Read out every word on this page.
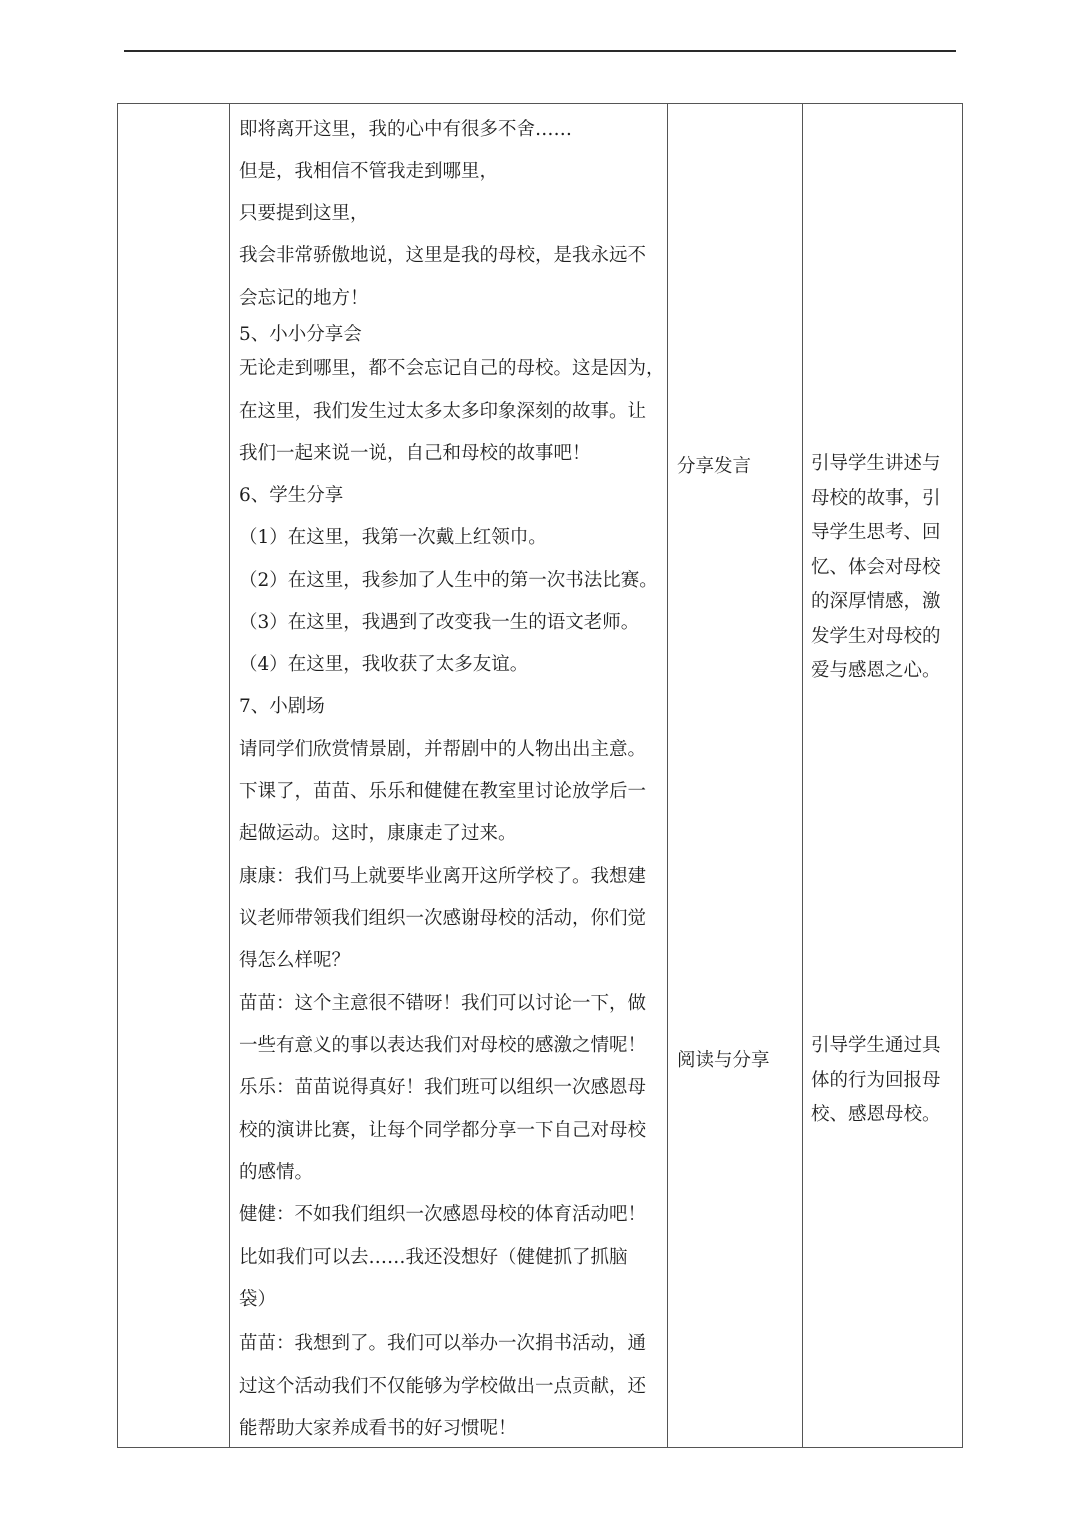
即将离开这里，我的心中有很多不舍……
但是，我相信不管我走到哪里，
只要提到这里，
我会非常骄傲地说，这里是我的母校，是我永远不
会忘记的地方！
5、小小分享会
无论走到哪里，都不会忘记自己的母校。这是因为，
在这里，我们发生过太多太多印象深刻的故事。让
我们一起来说一说，自己和母校的故事吧！
6、学生分享
（1）在这里，我第一次戴上红领巾。
（2）在这里，我参加了人生中的第一次书法比赛。
（3）在这里，我遇到了改变我一生的语文老师。
（4）在这里，我收获了太多友谊。
7、小剧场
请同学们欣赏情景剧，并帮剧中的人物出出主意。
下课了，苗苗、乐乐和健健在教室里讨论放学后一
起做运动。这时，康康走了过来。
康康：我们马上就要毕业离开这所学校了。我想建
议老师带领我们组织一次感谢母校的活动，你们觉
得怎么样呢？
苗苗：这个主意很不错呀！我们可以讨论一下，做
一些有意义的事以表达我们对母校的感激之情呢！
乐乐：苗苗说得真好！我们班可以组织一次感恩母
校的演讲比赛，让每个同学都分享一下自己对母校
的感情。
健健：不如我们组织一次感恩母校的体育活动吧！
比如我们可以去……我还没想好（健健抓了抓脑
袋）
苗苗：我想到了。我们可以举办一次捐书活动，通
过这个活动我们不仅能够为学校做出一点贡献，还
能帮助大家养成看书的好习惯呢！
分享发言
阅读与分享
引导学生讲述与
母校的故事，引
导学生思考、回
忆、体会对母校
的深厚情感，激
发学生对母校的
爱与感恩之心。
引导学生通过具
体的行为回报母
校、感恩母校。
